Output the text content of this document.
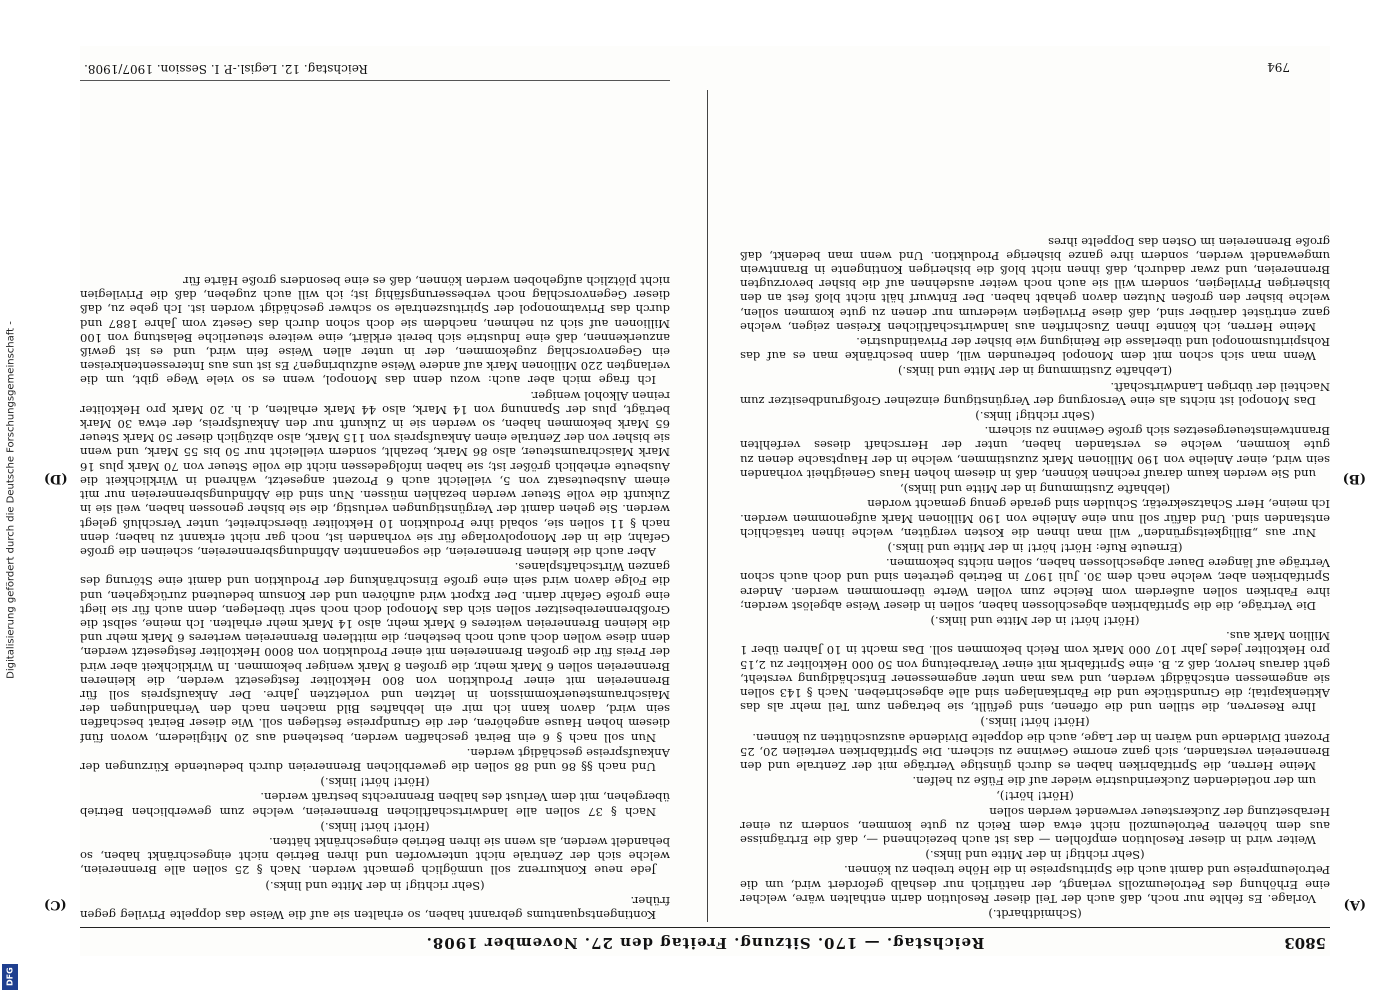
Digitalisierung gefördert durch die Deutsche Forschungsgemeinschaft -
DFG
5803
Reichstag. — 170. Sitzung. Freitag den 27. November 1908.
(A)
(B)
(C)
(D)

(Schmidthardt.)

Vorlage. Es fehlte nur noch, daß auch der Teil dieser Resolution darin enthalten wäre, welcher eine Erhöhung des Petroleumzolls verlangt, der natürlich nur deshalb gefordert wird, um die Petroleumpreise und damit auch die Spirituspreise in die Höhe treiben zu können.

(Sehr richtig! in der Mitte und links.)

Weiter wird in dieser Resolution empfohlen — das ist auch bezeichnend —, daß die Erträgnisse aus dem höheren Petroleumzoll nicht etwa dem Reich zu gute kommen, sondern zu einer Herabsetzung der Zuckersteuer verwendet werden sollen

(Hört! hört!),

um der notleidenden Zuckerindustrie wieder auf die Füße zu helfen.

Meine Herren, die Spritfabriken haben es durch günstige Verträge mit der Zentrale und den Brennereien verstanden, sich ganz enorme Gewinne zu sichern. Die Spritfabriken verteilen 20, 25 Prozent Dividende und wären in der Lage, auch die doppelte Dividende auszuschütten zu können.

(Hört! hört! links.)

Ihre Reserven, die stillen und die offenen, sind gefüllt, sie betragen zum Teil mehr als das Aktienkapital; die Grundstücke und die Fabrikanlagen sind alle abgeschrieben. Nach § 143 sollen sie angemessen entschädigt werden, und was man unter angemessener Entschädigung versteht, geht daraus hervor, daß z. B. eine Spritfabrik mit einer Verarbeitung von 50 000 Hektoliter zu 2,15 pro Hektoliter jedes Jahr 107 000 Mark vom Reich bekommen soll. Das macht in 10 Jahren über 1 Million Mark aus.

(Hört! hört! in der Mitte und links.)

Die Verträge, die die Spritfabriken abgeschlossen haben, sollen in dieser Weise abgelöst werden; ihre Fabriken sollen außerdem vom Reiche zum vollen Werte übernommen werden. Andere Spritfabriken aber, welche nach dem 30. Juli 1907 in Betrieb getreten sind und doch auch schon Verträge auf längere Dauer abgeschlossen haben, sollen nichts bekommen.

(Erneute Rufe: Hört! hört! in der Mitte und links.)

Nur aus „Billigkeitsgründen“ will man ihnen die Kosten vergüten, welche ihnen tatsächlich entstanden sind. Und dafür soll nun eine Anleihe von 190 Millionen Mark aufgenommen werden. Ich meine, Herr Schatzsekretär, Schulden sind gerade genug gemacht worden

(lebhafte Zustimmung in der Mitte und links),

und Sie werden kaum darauf rechnen können, daß in diesem hohen Haus Geneigtheit vorhanden sein wird, einer Anleihe von 190 Millionen Mark zuzustimmen, welche in der Hauptsache denen zu gute kommen, welche es verstanden haben, unter der Herrschaft dieses verfehlten Branntweinsteuergesetzes sich große Gewinne zu sichern.

(Sehr richtig! links.)

Das Monopol ist nichts als eine Versorgung der Vergünstigung einzelner Großgrundbesitzer zum Nachteil der übrigen Landwirtschaft.

(Lebhafte Zustimmung in der Mitte und links.)

Wenn man sich schon mit dem Monopol befreunden will, dann beschränke man es auf das Rohspiritusmonopol und überlasse die Reinigung wie bisher der Privatindustrie.

Meine Herren, ich könnte Ihnen Zuschriften aus landwirtschaftlichen Kreisen zeigen, welche ganz entrüstet darüber sind, daß diese Privilegien wiederum nur denen zu gute kommen sollen, welche bisher den großen Nutzen davon gehabt haben. Der Entwurf hält nicht bloß fest an den bisherigen Privilegien, sondern will sie auch noch weiter ausdehnen auf die bisher bevorzugten Brennereien, und zwar dadurch, daß ihnen nicht bloß die bisherigen Kontingente in Branntwein umgewandelt werden, sondern ihre ganze bisherige Produktion. Und wenn man bedenkt, daß große Brennereien im Osten das Doppelte ihres

Kontingentsquantums gebrannt haben, so erhalten sie auf die Weise das doppelte Privileg gegen früher.

(Sehr richtig! in der Mitte und links.)

Jede neue Konkurrenz soll unmöglich gemacht werden. Nach § 25 sollen alle Brennereien, welche sich der Zentrale nicht unterworfen und ihren Betrieb nicht eingeschränkt haben, so behandelt werden, als wenn sie ihren Betrieb eingeschränkt hätten.

(Hört! hört! links.)

Nach § 37 sollen alle landwirtschaftlichen Brennereien, welche zum gewerblichen Betrieb übergehen, mit dem Verlust des halben Brennrechts bestraft werden.

(Hört! hört! links.)

Und nach §§ 86 und 88 sollen die gewerblichen Brennereien durch bedeutende Kürzungen der Ankaufspreise geschädigt werden.

Nun soll nach § 6 ein Beirat geschaffen werden, bestehend aus 20 Mitgliedern, wovon fünf diesem hohen Hause angehören, der die Grundpreise festlegen soll. Wie dieser Beirat beschaffen sein wird, davon kann ich mir ein lebhaftes Bild machen nach den Verhandlungen der Maischraumsteuerkommission in letzten und vorletzten Jahre. Der Ankaufspreis soll für Brennereien mit einer Produktion von 800 Hektoliter festgesetzt werden, die kleineren Brennereien sollen 6 Mark mehr, die großen 8 Mark weniger bekommen. In Wirklichkeit aber wird der Preis für die großen Brennereien mit einer Produktion von 8000 Hektoliter festgesetzt werden, denn diese wollen doch auch noch bestehen; die mittleren Brennereien werteres 6 Mark mehr und die kleinen Brennereien weiteres 6 Mark mehr, also 14 Mark mehr erhalten. Ich meine, selbst die Großbrennereibesitzer sollen sich das Monopol doch noch sehr überlegen, denn auch für sie liegt eine große Gefahr darin. Der Export wird aufhören und der Konsum bedeutend zurückgehen, und die Folge davon wird sein eine große Einschränkung der Produktion und damit eine Störung des ganzen Wirtschaftsplanes.

Aber auch die kleinen Brennereien, die sogenannten Abfindungsbrennereien, scheinen die große Gefahr, die in der Monopolvorlage für sie vorhanden ist, noch gar nicht erkannt zu haben; denn nach § 11 sollen sie, sobald ihre Produktion 10 Hektoliter überschreitet, unter Verschluß gelegt werden. Sie gehen damit der Vergünstigungen verlustig, die sie bisher genossen haben, weil sie in Zukunft die volle Steuer werden bezahlen müssen. Nun sind die Abfindungsbrennereien nur mit einem Ausbeutesatz von 5, vielleicht auch 6 Prozent angesetzt, während in Wirklichkeit die Ausbeute erheblich größer ist; sie haben infolgedessen nicht die volle Steuer von 70 Mark plus 16 Mark Maischraumsteuer, also 86 Mark, bezahlt, sondern vielleicht nur 50 bis 55 Mark, und wenn sie bisher von der Zentrale einen Ankaufspreis von 115 Mark, also abzüglich dieser 50 Mark Steuer 65 Mark bekommen haben, so werden sie in Zukunft nur den Ankaufspreis, der etwa 30 Mark beträgt, plus der Spannung von 14 Mark, also 44 Mark erhalten, d. h. 20 Mark pro Hektoliter reinen Alkohol weniger.

Ich frage mich aber auch: wozu denn das Monopol, wenn es so viele Wege gibt, um die verlangten 220 Millionen Mark auf andere Weise aufzubringen? Es ist uns aus Interessentenkreisen ein Gegenvorschlag zugekommen, der in unter allen Weise fein wird, und es ist gewiß anzuerkennen, daß eine Industrie sich bereit erklärt, eine weitere steuerliche Belastung von 100 Millionen auf sich zu nehmen, nachdem sie doch schon durch das Gesetz vom Jahre 1887 und durch das Privatmonopol der Spirituszentrale so schwer geschädigt worden ist. Ich gebe zu, daß dieser Gegenvorschlag noch verbesserungsfähig ist; ich will auch zugeben, daß die Privilegien nicht plötzlich aufgehoben werden können, daß es eine besonders große Härte für

Reichstag. 12. Legisl.-P. I. Session. 1907/1908.	794
